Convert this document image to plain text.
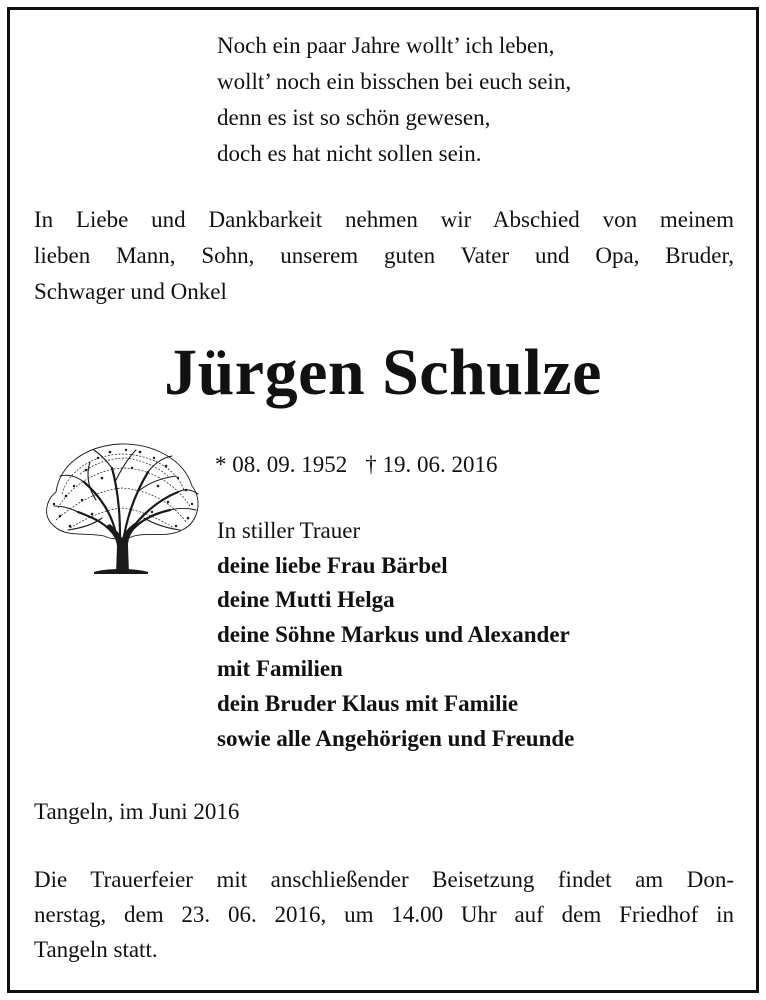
Noch ein paar Jahre wollt’ ich leben,
wollt’ noch ein bisschen bei euch sein,
denn es ist so schön gewesen,
doch es hat nicht sollen sein.
In Liebe und Dankbarkeit nehmen wir Abschied von meinem
lieben Mann, Sohn, unserem guten Vater und Opa, Bruder,
Schwager und Onkel
Jürgen Schulze
* 08. 09. 1952 † 19. 06. 2016
In stiller Trauer
deine liebe Frau Bärbel
deine Mutti Helga
deine Söhne Markus und Alexander
mit Familien
dein Bruder Klaus mit Familie
sowie alle Angehörigen und Freunde
Tangeln, im Juni 2016
Die Trauerfeier mit anschließender Beisetzung findet am Don-
nerstag, dem 23. 06. 2016, um 14.00 Uhr auf dem Friedhof in
Tangeln statt.
